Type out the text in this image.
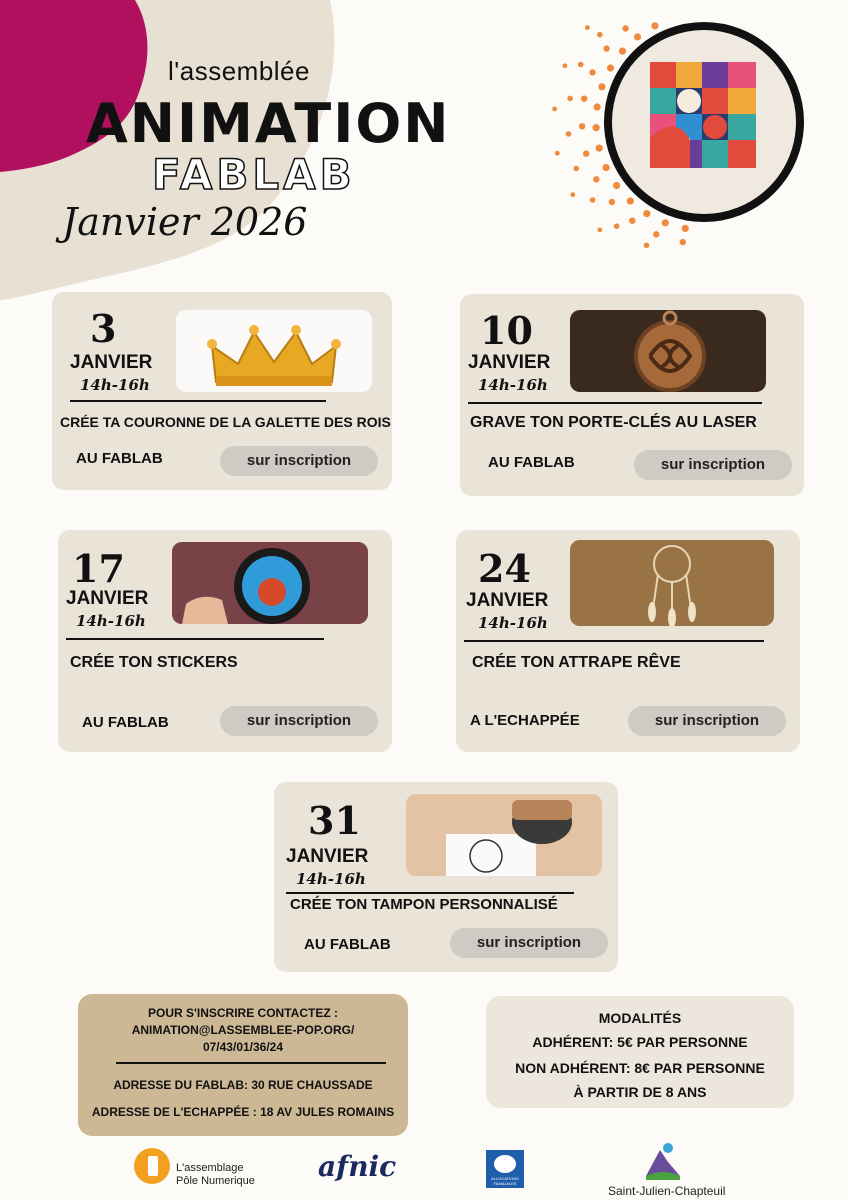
l'assemblée
ANIMATION
FABLAB
Janvier 2026
3
JANVIER
14h-16h
CRÉE TA COURONNE DE LA GALETTE DES ROIS
AU FABLAB	sur inscription
10
JANVIER
14h-16h
GRAVE TON PORTE-CLÉS AU LASER
AU FABLAB	sur inscription
17
JANVIER
14h-16h
CRÉE TON STICKERS
AU FABLAB	sur inscription
24
JANVIER
14h-16h
CRÉE TON ATTRAPE RÊVE
A L'ECHAPPÉE	sur inscription
31
JANVIER
14h-16h
CRÉE TON TAMPON PERSONNALISÉ
AU FABLAB	sur inscription
POUR S'INSCRIRE CONTACTEZ :
ANIMATION@LASSEMBLEE-POP.ORG/
07/43/01/36/24
ADRESSE DU FABLAB: 30 RUE CHAUSSADE
ADRESSE DE L'ECHAPPÉE : 18 AV JULES ROMAINS
MODALITÉS
ADHÉRENT: 5€ PAR PERSONNE
NON ADHÉRENT: 8€ PAR PERSONNE
À PARTIR DE 8 ANS
L'assemblage
Pôle Numerique afnic	ALLOCATIONS FAMILIALES
Saint-Julien-Chapteuil
